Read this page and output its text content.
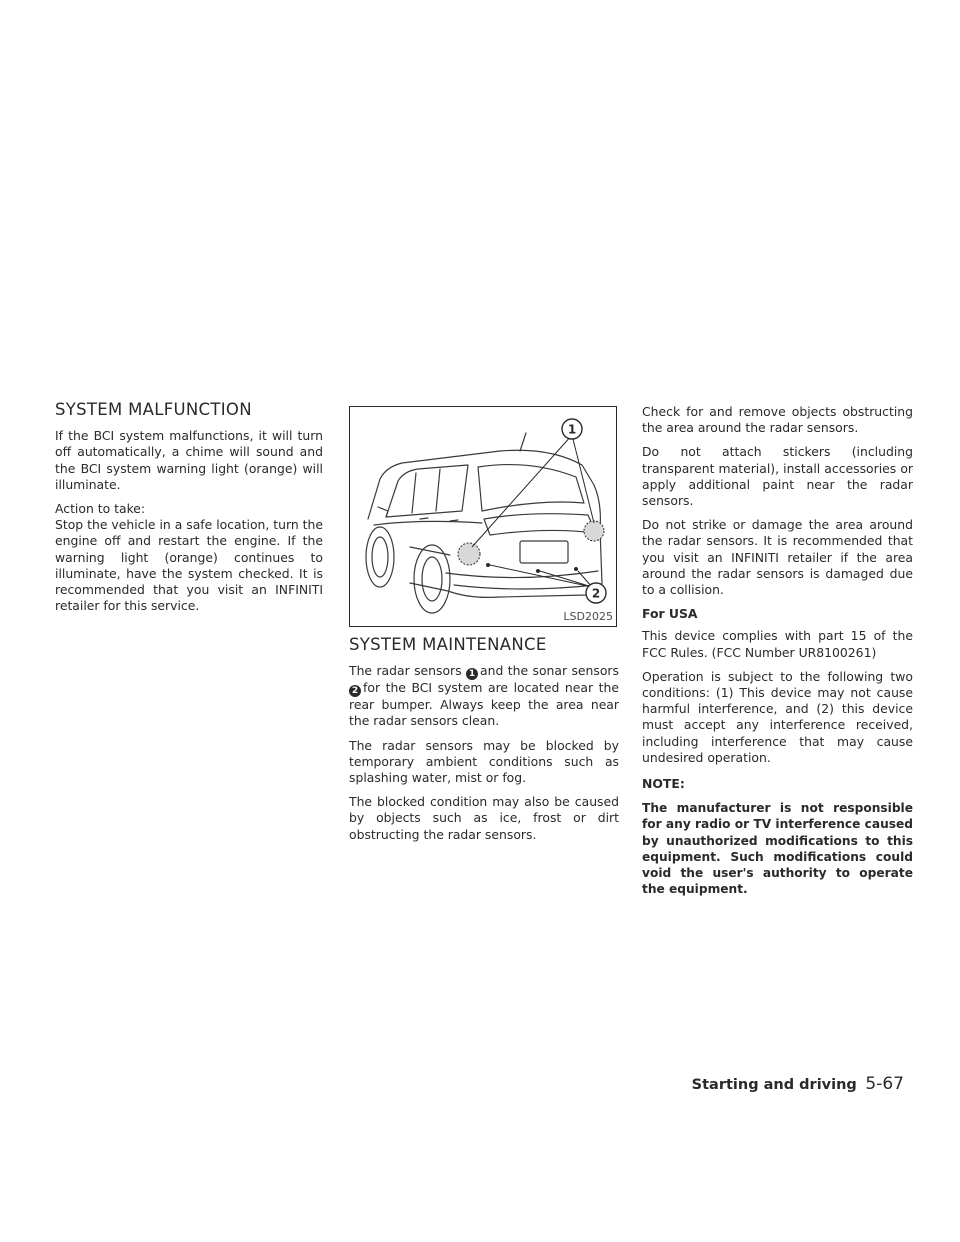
SYSTEM MALFUNCTION

If the BCI system malfunctions, it will turn off automatically, a chime will sound and the BCI system warning light (orange) will illuminate.

Action to take:

Stop the vehicle in a safe location, turn the engine off and restart the engine. If the warning light (orange) continues to illuminate, have the system checked. It is recommended that you visit an INFINITI retailer for this service.

1
2
LSD2025
SYSTEM MAINTENANCE

The radar sensors 1 and the sonar sensors 2 for the BCI system are located near the rear bumper. Always keep the area near the radar sensors clean.

The radar sensors may be blocked by temporary ambient conditions such as splashing water, mist or fog.

The blocked condition may also be caused by objects such as ice, frost or dirt obstructing the radar sensors.

Check for and remove objects obstructing the area around the radar sensors.

Do not attach stickers (including transparent material), install accessories or apply additional paint near the radar sensors.

Do not strike or damage the area around the radar sensors. It is recommended that you visit an INFINITI retailer if the area around the radar sensors is damaged due to a collision.

For USA

This device complies with part 15 of the FCC Rules. (FCC Number UR8100261)

Operation is subject to the following two conditions: (1) This device may not cause harmful interference, and (2) this device must accept any interference received, including interference that may cause undesired operation.

NOTE:

The manufacturer is not responsible for any radio or TV interference caused by unauthorized modifications to this equipment. Such modifications could void the user's authority to operate the equipment.

Starting and driving 5-67
